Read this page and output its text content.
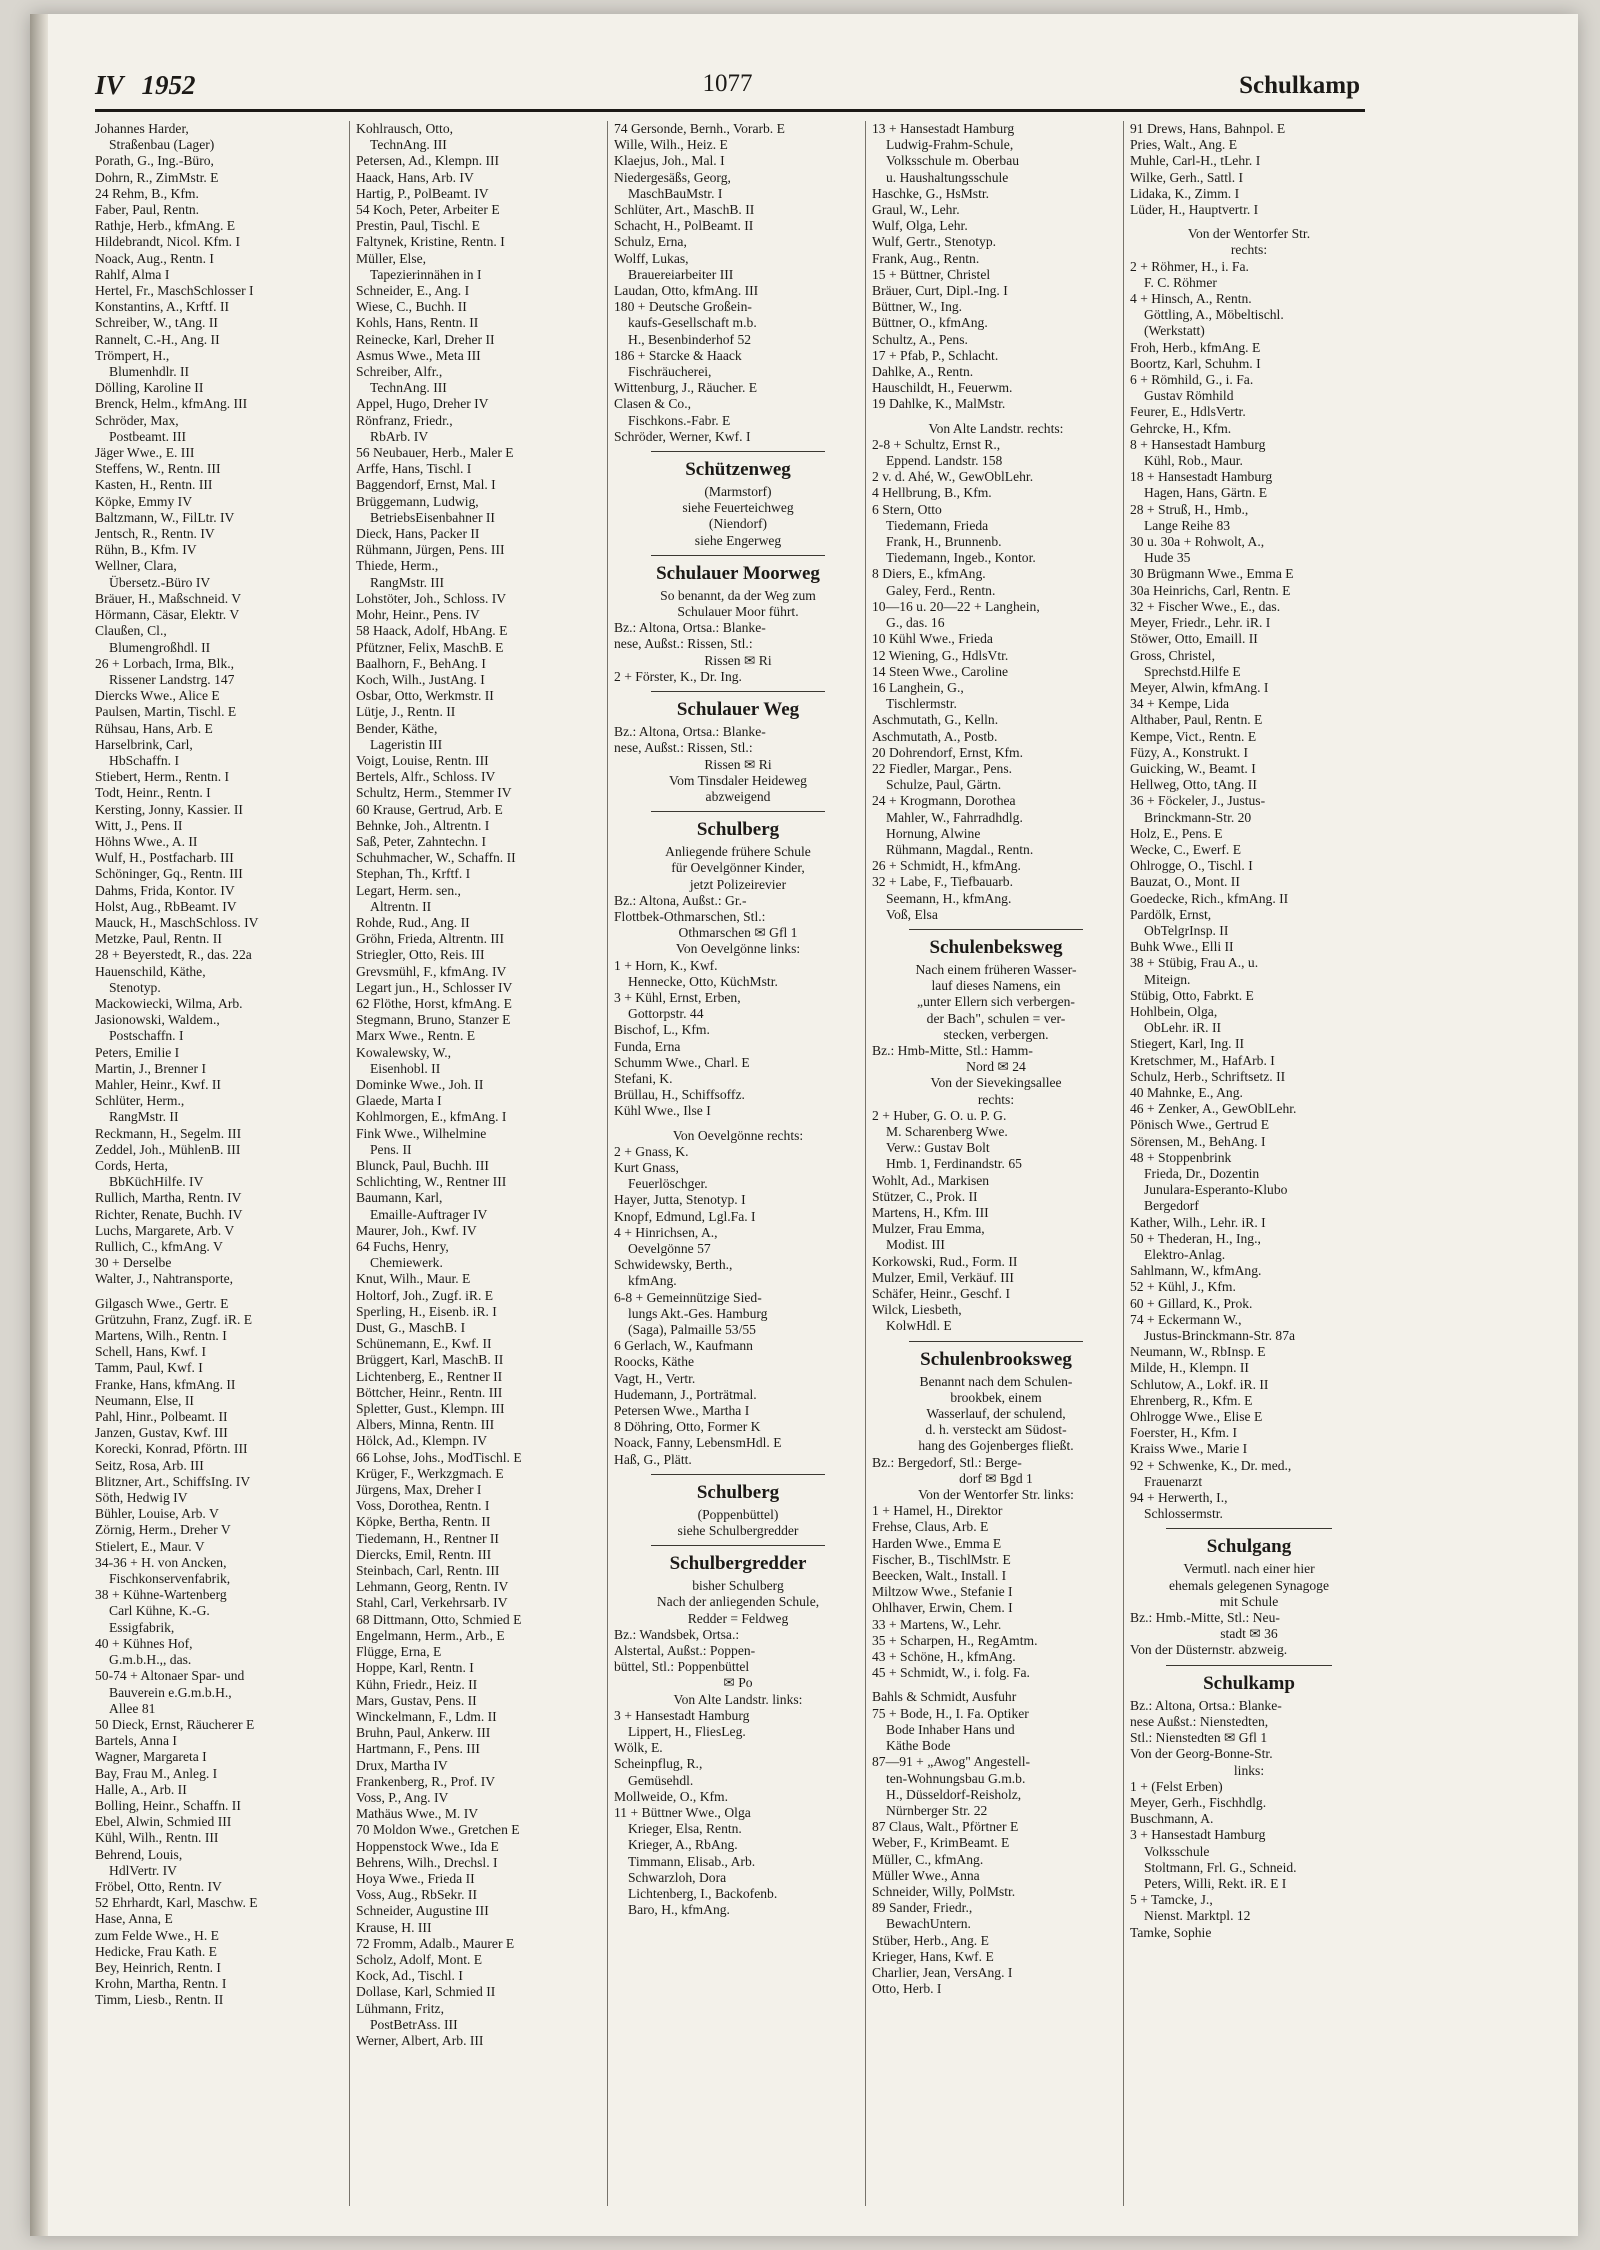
IV 1952	1077	Schulkamp
Johannes Harder,
Straßenbau (Lager)
Porath, G., Ing.-Büro,
Dohrn, R., ZimMstr. E
24 Rehm, B., Kfm.
Faber, Paul, Rentn.
Rathje, Herb., kfmAng. E
Hildebrandt, Nicol. Kfm. I
Noack, Aug., Rentn. I
Rahlf, Alma I
Hertel, Fr., MaschSchlosser I
Konstantins, A., Krftf. II
Schreiber, W., tAng. II
Rannelt, C.-H., Ang. II
Trömpert, H.,
Blumenhdlr. II
Dölling, Karoline II
Brenck, Helm., kfmAng. III
Schröder, Max,
Postbeamt. III
Jäger Wwe., E. III
Steffens, W., Rentn. III
Kasten, H., Rentn. III
Köpke, Emmy IV
Baltzmann, W., FilLtr. IV
Jentsch, R., Rentn. IV
Rühn, B., Kfm. IV
Wellner, Clara,
Übersetz.-Büro IV
Bräuer, H., Maßschneid. V
Hörmann, Cäsar, Elektr. V
Claußen, Cl.,
Blumengroßhdl. II
26 + Lorbach, Irma, Blk.,
Rissener Landstrg. 147
Diercks Wwe., Alice E
Paulsen, Martin, Tischl. E
Rühsau, Hans, Arb. E
Harselbrink, Carl,
HbSchaffn. I
Stiebert, Herm., Rentn. I
Todt, Heinr., Rentn. I
Kersting, Jonny, Kassier. II
Witt, J., Pens. II
Höhns Wwe., A. II
Wulf, H., Postfacharb. III
Schöninger, Gq., Rentn. III
Dahms, Frida, Kontor. IV
Holst, Aug., RbBeamt. IV
Mauck, H., MaschSchloss. IV
Metzke, Paul, Rentn. II
28 + Beyerstedt, R., das. 22a
Hauenschild, Käthe,
Stenotyp.
Mackowiecki, Wilma, Arb.
Jasionowski, Waldem.,
Postschaffn. I
Peters, Emilie I
Martin, J., Brenner I
Mahler, Heinr., Kwf. II
Schlüter, Herm.,
RangMstr. II
Reckmann, H., Segelm. III
Zeddel, Joh., MühlenB. III
Cords, Herta,
BbKüchHilfe. IV
Rullich, Martha, Rentn. IV
Richter, Renate, Buchh. IV
Luchs, Margarete, Arb. V
Rullich, C., kfmAng. V
30 + Derselbe
Walter, J., Nahtransporte,
Gilgasch Wwe., Gertr. E
Grützuhn, Franz, Zugf. iR. E
Martens, Wilh., Rentn. I
Schell, Hans, Kwf. I
Tamm, Paul, Kwf. I
Franke, Hans, kfmAng. II
Neumann, Else, II
Pahl, Hinr., Polbeamt. II
Janzen, Gustav, Kwf. III
Korecki, Konrad, Pförtn. III
Seitz, Rosa, Arb. III
Blitzner, Art., SchiffsIng. IV
Söth, Hedwig IV
Bühler, Louise, Arb. V
Zörnig, Herm., Dreher V
Stielert, E., Maur. V
34-36 + H. von Ancken,
Fischkonservenfabrik,
38 + Kühne-Wartenberg
Carl Kühne, K.-G.
Essigfabrik,
40 + Kühnes Hof,
G.m.b.H.,, das.
50-74 + Altonaer Spar- und
Bauverein e.G.m.b.H.,
Allee 81
50 Dieck, Ernst, Räucherer E
Bartels, Anna I
Wagner, Margareta I
Bay, Frau M., Anleg. I
Halle, A., Arb. II
Bolling, Heinr., Schaffn. II
Ebel, Alwin, Schmied III
Kühl, Wilh., Rentn. III
Behrend, Louis,
HdlVertr. IV
Fröbel, Otto, Rentn. IV
52 Ehrhardt, Karl, Maschw. E
Hase, Anna, E
zum Felde Wwe., H. E
Hedicke, Frau Kath. E
Bey, Heinrich, Rentn. I
Krohn, Martha, Rentn. I
Timm, Liesb., Rentn. II
Kohlrausch, Otto,
TechnAng. III
Petersen, Ad., Klempn. III
Haack, Hans, Arb. IV
Hartig, P., PolBeamt. IV
54 Koch, Peter, Arbeiter E
Prestin, Paul, Tischl. E
Faltynek, Kristine, Rentn. I
Müller, Else,
Tapezierinnähen in I
Schneider, E., Ang. I
Wiese, C., Buchh. II
Kohls, Hans, Rentn. II
Reinecke, Karl, Dreher II
Asmus Wwe., Meta III
Schreiber, Alfr.,
TechnAng. III
Appel, Hugo, Dreher IV
Rönfranz, Friedr.,
RbArb. IV
56 Neubauer, Herb., Maler E
Arffe, Hans, Tischl. I
Baggendorf, Ernst, Mal. I
Brüggemann, Ludwig,
BetriebsEisenbahner II
Dieck, Hans, Packer II
Rühmann, Jürgen, Pens. III
Thiede, Herm.,
RangMstr. III
Lohstöter, Joh., Schloss. IV
Mohr, Heinr., Pens. IV
58 Haack, Adolf, HbAng. E
Pfützner, Felix, MaschB. E
Baalhorn, F., BehAng. I
Koch, Wilh., JustAng. I
Osbar, Otto, Werkmstr. II
Lütje, J., Rentn. II
Bender, Käthe,
Lageristin III
Voigt, Louise, Rentn. III
Bertels, Alfr., Schloss. IV
Schultz, Herm., Stemmer IV
60 Krause, Gertrud, Arb. E
Behnke, Joh., Altrentn. I
Saß, Peter, Zahntechn. I
Schuhmacher, W., Schaffn. II
Stephan, Th., Krftf. I
Legart, Herm. sen.,
Altrentn. II
Rohde, Rud., Ang. II
Gröhn, Frieda, Altrentn. III
Striegler, Otto, Reis. III
Grevsmühl, F., kfmAng. IV
Legart jun., H., Schlosser IV
62 Flöthe, Horst, kfmAng. E
Stegmann, Bruno, Stanzer E
Marx Wwe., Rentn. E
Kowalewsky, W.,
Eisenhobl. II
Dominke Wwe., Joh. II
Glaede, Marta I
Kohlmorgen, E., kfmAng. I
Fink Wwe., Wilhelmine
Pens. II
Blunck, Paul, Buchh. III
Schlichting, W., Rentner III
Baumann, Karl,
Emaille-Auftrager IV
Maurer, Joh., Kwf. IV
64 Fuchs, Henry,
Chemiewerk.
Knut, Wilh., Maur. E
Holtorf, Joh., Zugf. iR. E
Sperling, H., Eisenb. iR. I
Dust, G., MaschB. I
Schünemann, E., Kwf. II
Brüggert, Karl, MaschB. II
Lichtenberg, E., Rentner II
Böttcher, Heinr., Rentn. III
Spletter, Gust., Klempn. III
Albers, Minna, Rentn. III
Hölck, Ad., Klempn. IV
66 Lohse, Johs., ModTischl. E
Krüger, F., Werkzgmach. E
Jürgens, Max, Dreher I
Voss, Dorothea, Rentn. I
Köpke, Bertha, Rentn. II
Tiedemann, H., Rentner II
Diercks, Emil, Rentn. III
Steinbach, Carl, Rentn. III
Lehmann, Georg, Rentn. IV
Stahl, Carl, Verkehrsarb. IV
68 Dittmann, Otto, Schmied E
Engelmann, Herm., Arb., E
Flügge, Erna, E
Hoppe, Karl, Rentn. I
Kühn, Friedr., Heiz. II
Mars, Gustav, Pens. II
Winckelmann, F., Ldm. II
Bruhn, Paul, Ankerw. III
Hartmann, F., Pens. III
Drux, Martha IV
Frankenberg, R., Prof. IV
Voss, P., Ang. IV
Mathäus Wwe., M. IV
70 Moldon Wwe., Gretchen E
Hoppenstock Wwe., Ida E
Behrens, Wilh., Drechsl. I
Hoya Wwe., Frieda II
Voss, Aug., RbSekr. II
Schneider, Augustine III
Krause, H. III
72 Fromm, Adalb., Maurer E
Scholz, Adolf, Mont. E
Kock, Ad., Tischl. I
Dollase, Karl, Schmied II
Lühmann, Fritz,
PostBetrAss. III
Werner, Albert, Arb. III
74 Gersonde, Bernh., Vorarb. E
Wille, Wilh., Heiz. E
Klaejus, Joh., Mal. I
Niedergesäßs, Georg,
MaschBauMstr. I
Schlüter, Art., MaschB. II
Schacht, H., PolBeamt. II
Schulz, Erna,
Wolff, Lukas,
Brauereiarbeiter III
Laudan, Otto, kfmAng. III
180 + Deutsche Großein-
kaufs-Gesellschaft m.b.
H., Besenbinderhof 52
186 + Starcke & Haack
Fischräucherei,
Wittenburg, J., Räucher. E
Clasen & Co.,
Fischkons.-Fabr. E
Schröder, Werner, Kwf. I
Schützenweg
(Marmstorf)
siehe Feuerteichweg
(Niendorf)
siehe Engerweg
Schulauer Moorweg
So benannt, da der Weg zum
Schulauer Moor führt.
Bz.: Altona, Ortsa.: Blanke-
nese, Außst.: Rissen, Stl.:
Rissen ✉ Ri
2 + Förster, K., Dr. Ing.
Schulauer Weg
Bz.: Altona, Ortsa.: Blanke-
nese, Außst.: Rissen, Stl.:
Rissen ✉ Ri
Vom Tinsdaler Heideweg
abzweigend
Schulberg
Anliegende frühere Schule
für Oevelgönner Kinder,
jetzt Polizeirevier
Bz.: Altona, Außst.: Gr.-
Flottbek-Othmarschen, Stl.:
Othmarschen ✉ Gfl 1
Von Oevelgönne links:
1 + Horn, K., Kwf.
Hennecke, Otto, KüchMstr.
3 + Kühl, Ernst, Erben,
Gottorpstr. 44
Bischof, L., Kfm.
Funda, Erna
Schumm Wwe., Charl. E
Stefani, K.
Brüllau, H., Schiffsoffz.
Kühl Wwe., Ilse I
Von Oevelgönne rechts:
2 + Gnass, K.
Kurt Gnass,
Feuerlöschger.
Hayer, Jutta, Stenotyp. I
Knopf, Edmund, Lgl.Fa. I
4 + Hinrichsen, A.,
Oevelgönne 57
Schwidewsky, Berth.,
kfmAng.
6-8 + Gemeinnützige Sied-
lungs Akt.-Ges. Hamburg
(Saga), Palmaille 53/55
6 Gerlach, W., Kaufmann
Roocks, Käthe
Vagt, H., Vertr.
Hudemann, J., Porträtmal.
Petersen Wwe., Martha I
8 Döhring, Otto, Former K
Noack, Fanny, LebensmHdl. E
Haß, G., Plätt.
Schulberg
(Poppenbüttel)
siehe Schulbergredder
Schulbergredder
bisher Schulberg
Nach der anliegenden Schule,
Redder = Feldweg
Bz.: Wandsbek, Ortsa.:
Alstertal, Außst.: Poppen-
büttel, Stl.: Poppenbüttel
✉ Po
Von Alte Landstr. links:
3 + Hansestadt Hamburg
Lippert, H., FliesLeg.
Wölk, E.
Scheinpflug, R.,
Gemüsehdl.
Mollweide, O., Kfm.
11 + Büttner Wwe., Olga
Krieger, Elsa, Rentn.
Krieger, A., RbAng.
Timmann, Elisab., Arb.
Schwarzloh, Dora
Lichtenberg, I., Backofenb.
Baro, H., kfmAng.
13 + Hansestadt Hamburg
Ludwig-Frahm-Schule,
Volksschule m. Oberbau
u. Haushaltungsschule
Haschke, G., HsMstr.
Graul, W., Lehr.
Wulf, Olga, Lehr.
Wulf, Gertr., Stenotyp.
Frank, Aug., Rentn.
15 + Büttner, Christel
Bräuer, Curt, Dipl.-Ing. I
Büttner, W., Ing.
Büttner, O., kfmAng.
Schultz, A., Pens.
17 + Pfab, P., Schlacht.
Dahlke, A., Rentn.
Hauschildt, H., Feuerwm.
19 Dahlke, K., MalMstr.
Von Alte Landstr. rechts:
2-8 + Schultz, Ernst R.,
Eppend. Landstr. 158
2 v. d. Ahé, W., GewOblLehr.
4 Hellbrung, B., Kfm.
6 Stern, Otto
Tiedemann, Frieda
Frank, H., Brunnenb.
Tiedemann, Ingeb., Kontor.
8 Diers, E., kfmAng.
Galey, Ferd., Rentn.
10—16 u. 20—22 + Langhein,
G., das. 16
10 Kühl Wwe., Frieda
12 Wiening, G., HdlsVtr.
14 Steen Wwe., Caroline
16 Langhein, G.,
Tischlermstr.
Aschmutath, G., Kelln.
Aschmutath, A., Postb.
20 Dohrendorf, Ernst, Kfm.
22 Fiedler, Margar., Pens.
Schulze, Paul, Gärtn.
24 + Krogmann, Dorothea
Mahler, W., Fahrradhdlg.
Hornung, Alwine
Rühmann, Magdal., Rentn.
26 + Schmidt, H., kfmAng.
32 + Labe, F., Tiefbauarb.
Seemann, H., kfmAng.
Voß, Elsa
Schulenbeksweg
Nach einem früheren Wasser-
lauf dieses Namens, ein
„unter Ellern sich verbergen-
der Bach", schulen = ver-
stecken, verbergen.
Bz.: Hmb-Mitte, Stl.: Hamm-
Nord ✉ 24
Von der Sievekingsallee
rechts:
2 + Huber, G. O. u. P. G.
M. Scharenberg Wwe.
Verw.: Gustav Bolt
Hmb. 1, Ferdinandstr. 65
Wohlt, Ad., Markisen
Stützer, C., Prok. II
Martens, H., Kfm. III
Mulzer, Frau Emma,
Modist. III
Korkowski, Rud., Form. II
Mulzer, Emil, Verkäuf. III
Schäfer, Heinr., Geschf. I
Wilck, Liesbeth,
KolwHdl. E
Schulenbrooksweg
Benannt nach dem Schulen-
brookbek, einem
Wasserlauf, der schulend,
d. h. versteckt am Südost-
hang des Gojenberges fließt.
Bz.: Bergedorf, Stl.: Berge-
dorf ✉ Bgd 1
Von der Wentorfer Str. links:
1 + Hamel, H., Direktor
Frehse, Claus, Arb. E
Harden Wwe., Emma E
Fischer, B., TischlMstr. E
Beecken, Walt., Install. I
Miltzow Wwe., Stefanie I
Ohlhaver, Erwin, Chem. I
33 + Martens, W., Lehr.
35 + Scharpen, H., RegAmtm.
43 + Schöne, H., kfmAng.
45 + Schmidt, W., i. folg. Fa.
Bahls & Schmidt, Ausfuhr
75 + Bode, H., I. Fa. Optiker
Bode Inhaber Hans und
Käthe Bode
87—91 + „Awog" Angestell-
ten-Wohnungsbau G.m.b.
H., Düsseldorf-Reisholz,
Nürnberger Str. 22
87 Claus, Walt., Pförtner E
Weber, F., KrimBeamt. E
Müller, C., kfmAng.
Müller Wwe., Anna
Schneider, Willy, PolMstr.
89 Sander, Friedr.,
BewachUntern.
Stüber, Herb., Ang. E
Krieger, Hans, Kwf. E
Charlier, Jean, VersAng. I
Otto, Herb. I
91 Drews, Hans, Bahnpol. E
Pries, Walt., Ang. E
Muhle, Carl-H., tLehr. I
Wilke, Gerh., Sattl. I
Lidaka, K., Zimm. I
Lüder, H., Hauptvertr. I
Von der Wentorfer Str.
rechts:
2 + Röhmer, H., i. Fa.
F. C. Röhmer
4 + Hinsch, A., Rentn.
Göttling, A., Möbeltischl.
(Werkstatt)
Froh, Herb., kfmAng. E
Boortz, Karl, Schuhm. I
6 + Römhild, G., i. Fa.
Gustav Römhild
Feurer, E., HdlsVertr.
Gehrcke, H., Kfm.
8 + Hansestadt Hamburg
Kühl, Rob., Maur.
18 + Hansestadt Hamburg
Hagen, Hans, Gärtn. E
28 + Struß, H., Hmb.,
Lange Reihe 83
30 u. 30a + Rohwolt, A.,
Hude 35
30 Brügmann Wwe., Emma E
30a Heinrichs, Carl, Rentn. E
32 + Fischer Wwe., E., das.
Meyer, Friedr., Lehr. iR. I
Stöwer, Otto, Emaill. II
Gross, Christel,
Sprechstd.Hilfe E
Meyer, Alwin, kfmAng. I
34 + Kempe, Lida
Althaber, Paul, Rentn. E
Kempe, Vict., Rentn. E
Füzy, A., Konstrukt. I
Guicking, W., Beamt. I
Hellweg, Otto, tAng. II
36 + Föckeler, J., Justus-
Brinckmann-Str. 20
Holz, E., Pens. E
Wecke, C., Ewerf. E
Ohlrogge, O., Tischl. I
Bauzat, O., Mont. II
Goedecke, Rich., kfmAng. II
Pardölk, Ernst,
ObTelgrInsp. II
Buhk Wwe., Elli II
38 + Stübig, Frau A., u.
Miteign.
Stübig, Otto, Fabrkt. E
Hohlbein, Olga,
ObLehr. iR. II
Stiegert, Karl, Ing. II
Kretschmer, M., HafArb. I
Schulz, Herb., Schriftsetz. II
40 Mahnke, E., Ang.
46 + Zenker, A., GewOblLehr.
Pönisch Wwe., Gertrud E
Sörensen, M., BehAng. I
48 + Stoppenbrink
Frieda, Dr., Dozentin
Junulara-Esperanto-Klubo
Bergedorf
Kather, Wilh., Lehr. iR. I
50 + Thederan, H., Ing.,
Elektro-Anlag.
Sahlmann, W., kfmAng.
52 + Kühl, J., Kfm.
60 + Gillard, K., Prok.
74 + Eckermann W.,
Justus-Brinckmann-Str. 87a
Neumann, W., RbInsp. E
Milde, H., Klempn. II
Schlutow, A., Lokf. iR. II
Ehrenberg, R., Kfm. E
Ohlrogge Wwe., Elise E
Foerster, H., Kfm. I
Kraiss Wwe., Marie I
92 + Schwenke, K., Dr. med.,
Frauenarzt
94 + Herwerth, I.,
Schlossermstr.
Schulgang
Vermutl. nach einer hier
ehemals gelegenen Synagoge
mit Schule
Bz.: Hmb.-Mitte, Stl.: Neu-
stadt ✉ 36
Von der Düsternstr. abzweig.
Schulkamp
Bz.: Altona, Ortsa.: Blanke-
nese Außst.: Nienstedten,
Stl.: Nienstedten ✉ Gfl 1
Von der Georg-Bonne-Str.
links:
1 + (Felst Erben)
Meyer, Gerh., Fischhdlg.
Buschmann, A.
3 + Hansestadt Hamburg
Volksschule
Stoltmann, Frl. G., Schneid.
Peters, Willi, Rekt. iR. E I
5 + Tamcke, J.,
Nienst. Marktpl. 12
Tamke, Sophie
